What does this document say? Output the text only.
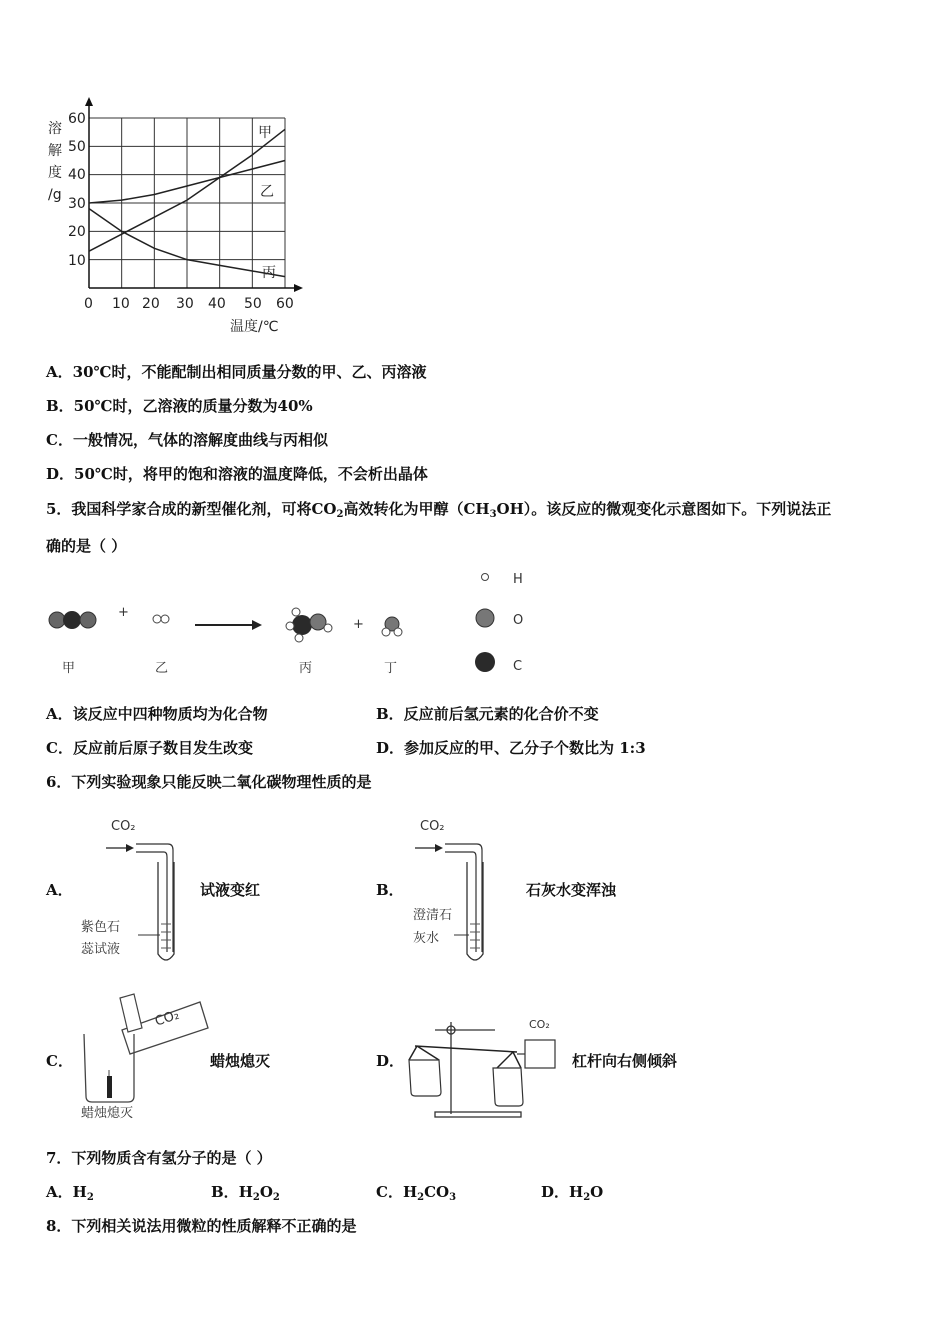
溶
解
度
/g
60
50
40
30
20
10
0 10 20 30 40 50 60
温度/℃
甲
乙
丙
A．30℃时，不能配制出相同质量分数的甲、乙、丙溶液
B．50℃时，乙溶液的质量分数为40%
C．一般情况，气体的溶解度曲线与丙相似
D．50℃时，将甲的饱和溶液的温度降低，不会析出晶体
5．我国科学家合成的新型催化剂，可将$CO_2$高效转化为甲醇$(CH_3OH)$。该反应的微观变化示意图如下。下列说法正
确的是（ ）
+
+
甲	乙	丙	丁
H
O
C
A．该反应中四种物质均为化合物	B．反应前后氢元素的化合价不变
C．反应前后原子数目发生改变	D．参加反应的甲、乙分子个数比为 1:3
6．下列实验现象只能反映二氧化碳物理性质的是
A．
CO₂
紫色石
蕊试液
试液变红	B．
CO₂
澄清石
灰水
石灰水变浑浊
C．
CO₂
蜡烛熄灭
蜡烛熄灭	D．
CO₂
杠杆向右侧倾斜
7．下列物质含有氢分子的是（ ）
A．$H_2$	B．$H_2O_2$	C．$H_2CO_3$	D．$H_2O$
8．下列相关说法用微粒的性质解释不正确的是
